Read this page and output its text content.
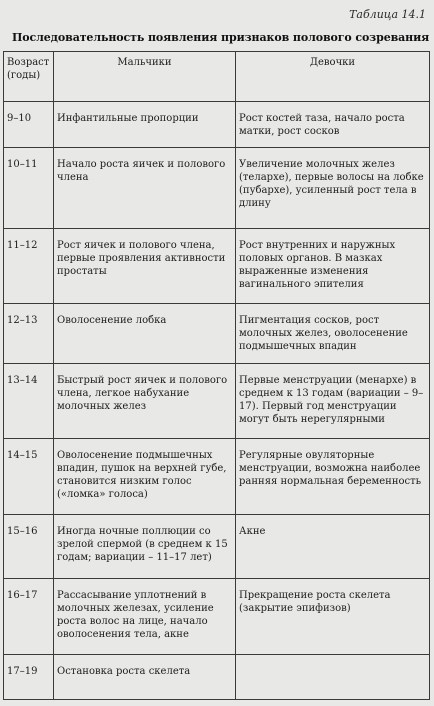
Таблица 14.1
Последовательность появления признаков полового созревания
Возраст (годы)	Мальчики	Девочки
9–10	Инфантильные пропорции	Рост костей таза, начало роста матки, рост сосков
10–11	Начало роста яичек и полового члена	Увеличение молочных желез (телархе), первые волосы на лобке (пубархе), усиленный рост тела в длину
11–12	Рост яичек и полового члена, первые проявления активности простаты	Рост внутренних и наружных половых органов. В мазках выраженные изменения вагинального эпителия
12–13	Оволосенение лобка	Пигментация сосков, рост молочных желез, оволосенение подмышечных впадин
13–14	Быстрый рост яичек и полового члена, легкое набухание молочных желез	Первые менструации (менархе) в среднем к 13 годам (вариации – 9–17). Первый год менструации могут быть нерегулярными
14–15	Оволосенение подмышечных впадин, пушок на верхней губе, становится низким голос («ломка» голоса)	Регулярные овуляторные менструации, возможна наиболее ранняя нормальная беременность
15–16	Иногда ночные поллюции со зрелой спермой (в среднем к 15 годам; вариации – 11–17 лет)	Акне
16–17	Рассасывание уплотнений в молочных железах, усиление роста волос на лице, начало оволосенения тела, акне	Прекращение роста скелета (закрытие эпифизов)
17–19	Остановка роста скелета	
